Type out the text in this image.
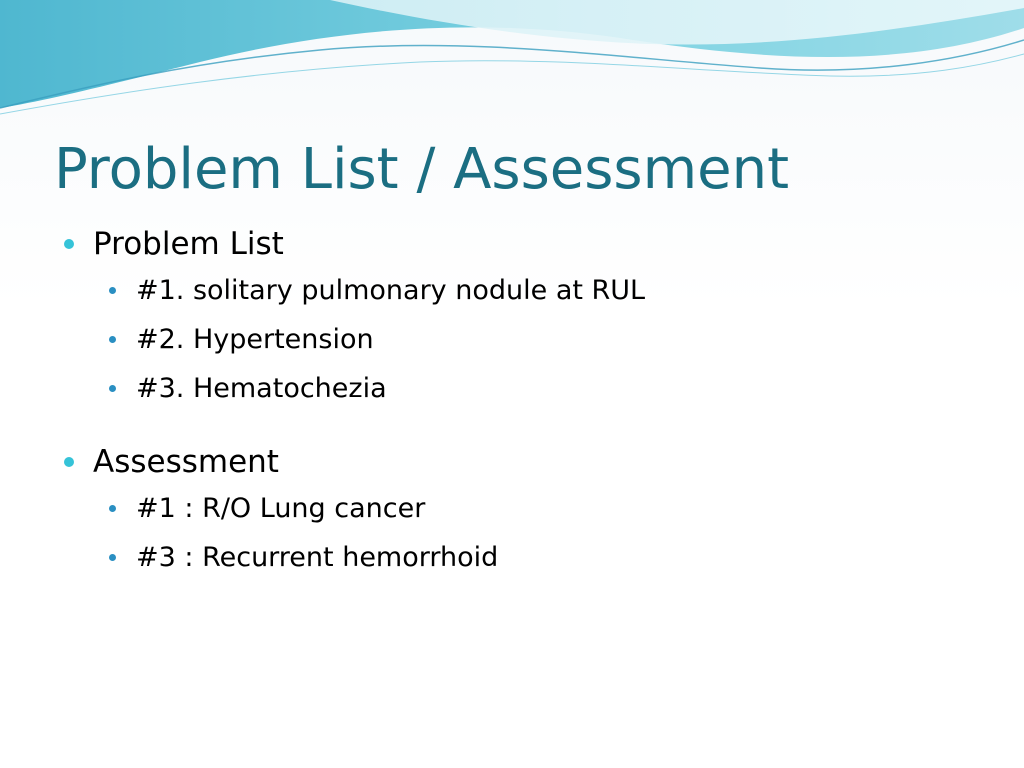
Problem List / Assessment
Problem List
#1. solitary pulmonary nodule at RUL
#2. Hypertension
#3. Hematochezia
Assessment
#1 : R/O Lung cancer
#3 : Recurrent hemorrhoid
